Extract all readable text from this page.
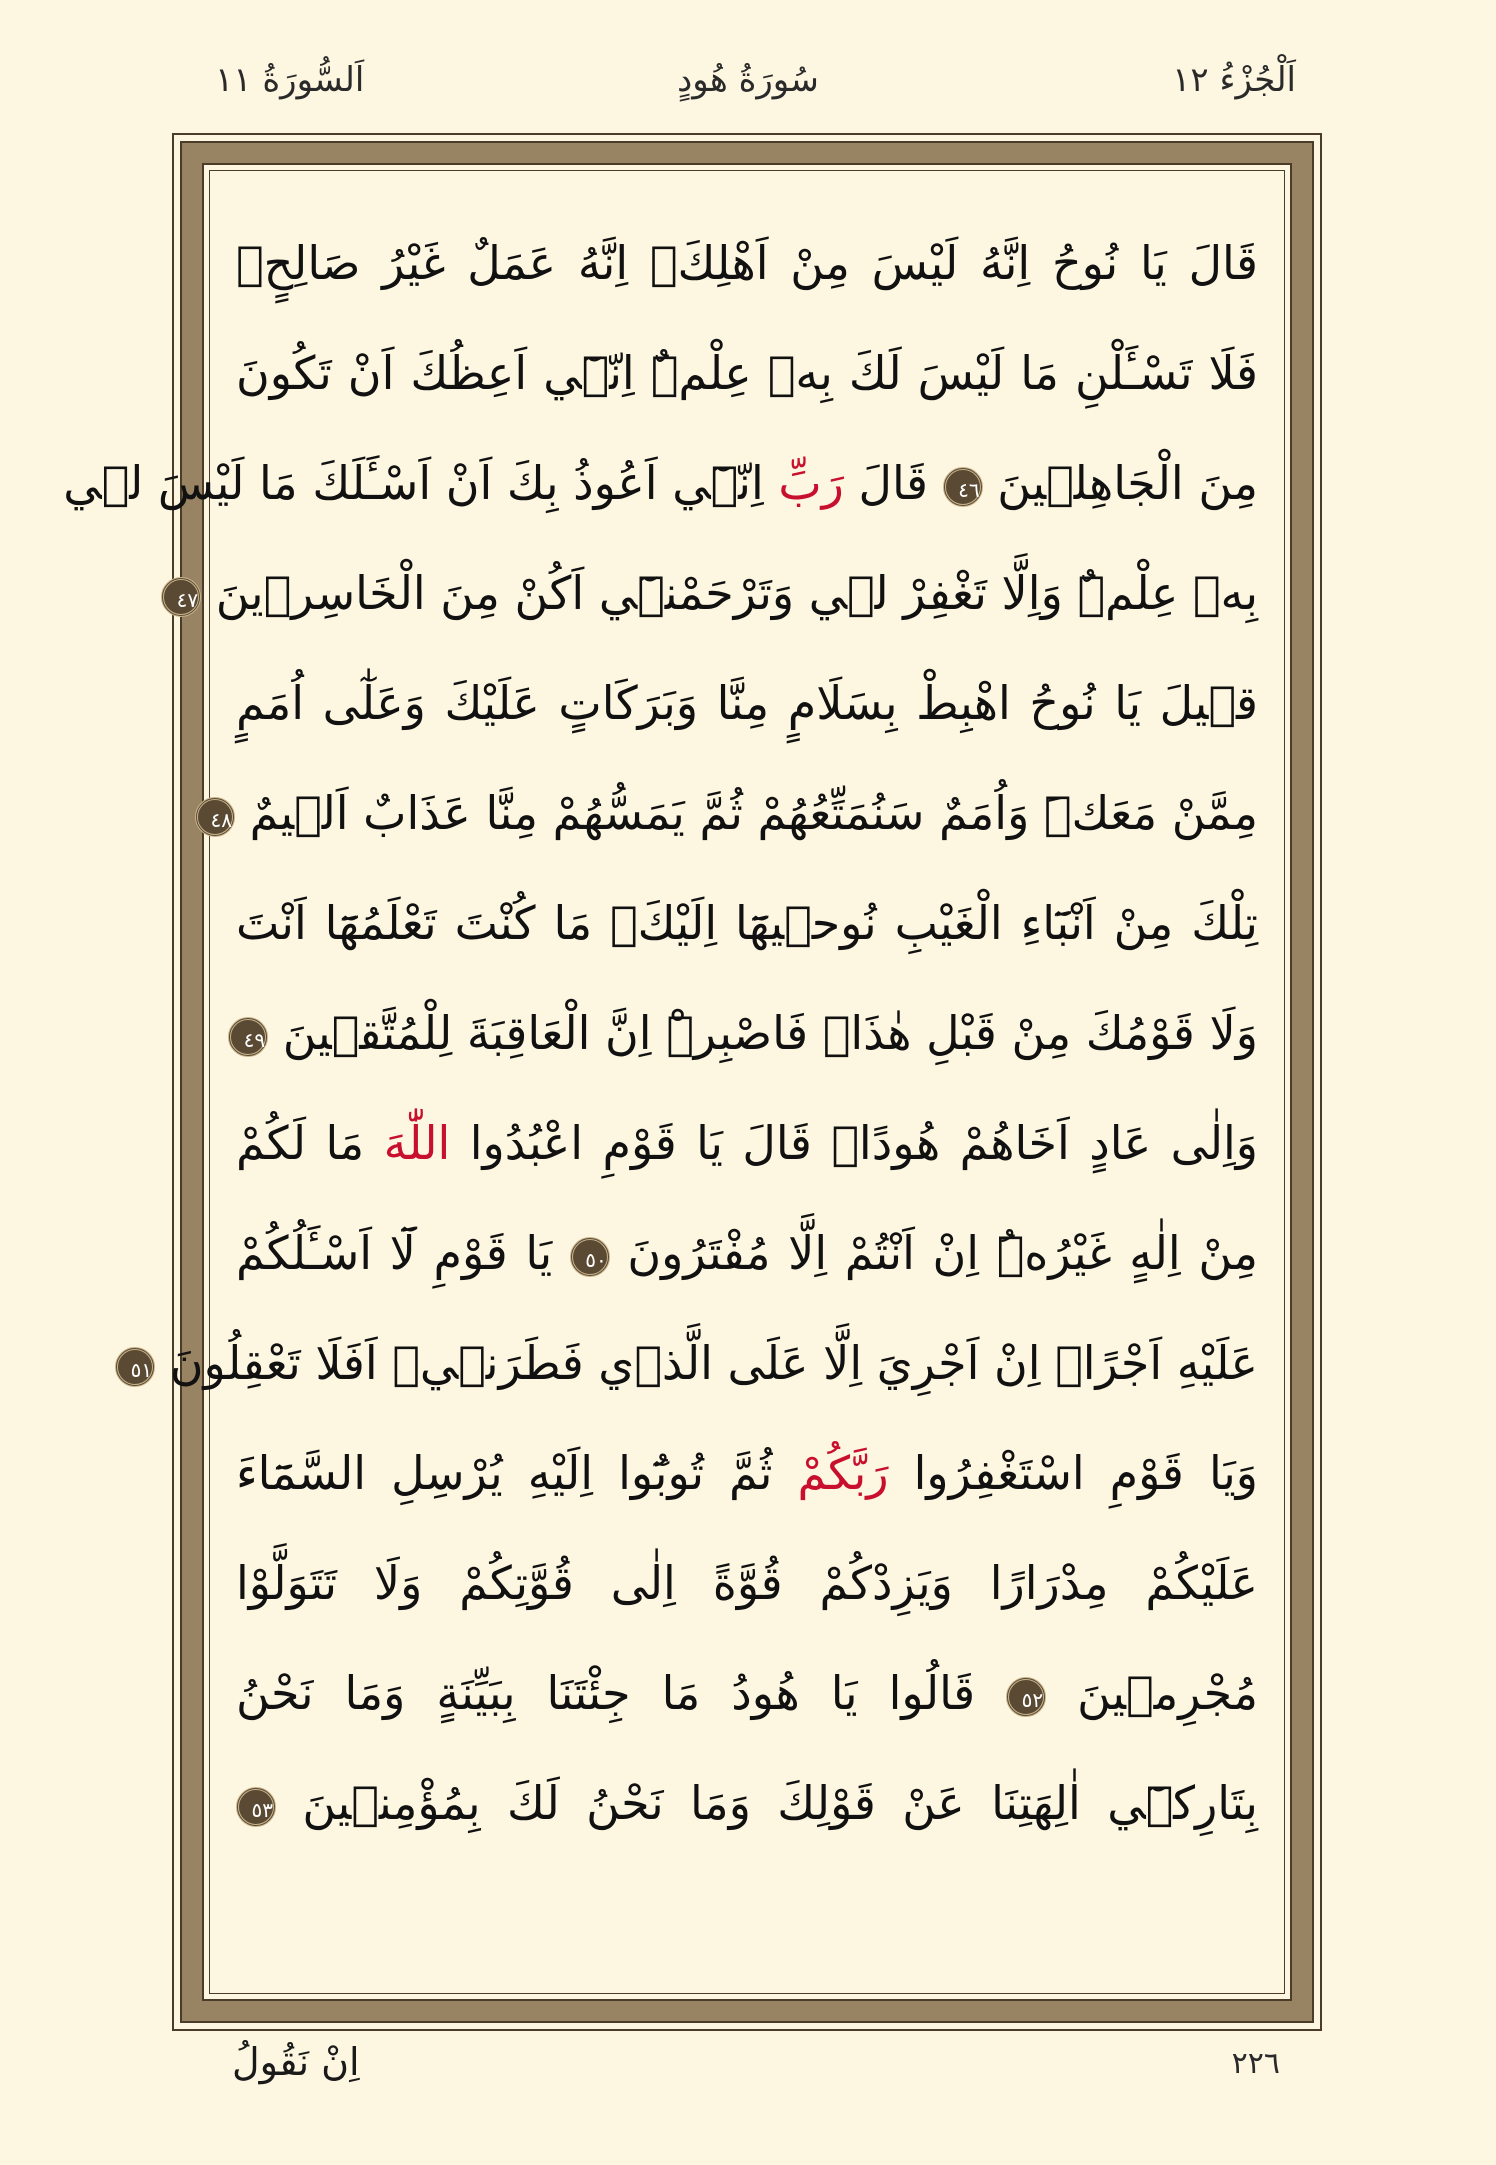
اَلْجُزْءُ ١٢
سُورَةُ هُودٍ
اَلسُّورَةُ ١١
قَالَ يَا نُوحُ اِنَّهُ لَيْسَ مِنْ اَهْلِكَۚ اِنَّهُ عَمَلٌ غَيْرُ صَالِحٍۗ
فَلَا تَسْـَٔلْنِ مَا لَيْسَ لَكَ بِه۪ عِلْمٌۜ اِنّ۪ٓي اَعِظُكَ اَنْ تَكُونَ
مِنَ الْجَاهِل۪ينَ ٤٦ قَالَ رَبِّ اِنّ۪ٓي اَعُوذُ بِكَ اَنْ اَسْـَٔلَكَ مَا لَيْسَ ل۪ي
بِه۪ عِلْمٌۜ وَاِلَّا تَغْفِرْ ل۪ي وَتَرْحَمْن۪ٓي اَكُنْ مِنَ الْخَاسِر۪ينَ ٤٧
ق۪يلَ يَا نُوحُ اهْبِطْ بِسَلَامٍ مِنَّا وَبَرَكَاتٍ عَلَيْكَ وَعَلٰٓى اُمَمٍ
مِمَّنْ مَعَكَۜ وَاُمَمٌ سَنُمَتِّعُهُمْ ثُمَّ يَمَسُّهُمْ مِنَّا عَذَابٌ اَل۪يمٌ ٤٨
تِلْكَ مِنْ اَنْبَٓاءِ الْغَيْبِ نُوح۪يهَٓا اِلَيْكَۚ مَا كُنْتَ تَعْلَمُهَٓا اَنْتَ
وَلَا قَوْمُكَ مِنْ قَبْلِ هٰذَاۜ فَاصْبِرْۜ اِنَّ الْعَاقِبَةَ لِلْمُتَّق۪ينَ ٤٩
وَاِلٰى عَادٍ اَخَاهُمْ هُودًاۜ قَالَ يَا قَوْمِ اعْبُدُوا اللّٰهَ مَا لَكُمْ
مِنْ اِلٰهٍ غَيْرُهُۜ اِنْ اَنْتُمْ اِلَّا مُفْتَرُونَ ٥٠ يَا قَوْمِ لَٓا اَسْـَٔلُكُمْ
عَلَيْهِ اَجْرًاۜ اِنْ اَجْرِيَ اِلَّا عَلَى الَّذ۪ي فَطَرَن۪يۜ اَفَلَا تَعْقِلُونَ ٥١
وَيَا قَوْمِ اسْتَغْفِرُوا رَبَّكُمْ ثُمَّ تُوبُٓوا اِلَيْهِ يُرْسِلِ السَّمَٓاءَ
عَلَيْكُمْ مِدْرَارًا وَيَزِدْكُمْ قُوَّةً اِلٰى قُوَّتِكُمْ وَلَا تَتَوَلَّوْا
مُجْرِم۪ينَ ٥٢ قَالُوا يَا هُودُ مَا جِئْتَنَا بِبَيِّنَةٍ وَمَا نَحْنُ
بِتَارِك۪ٓي اٰلِهَتِنَا عَنْ قَوْلِكَ وَمَا نَحْنُ لَكَ بِمُؤْمِن۪ينَ ٥٣
اِنْ نَقُولُ	٢٢٦
